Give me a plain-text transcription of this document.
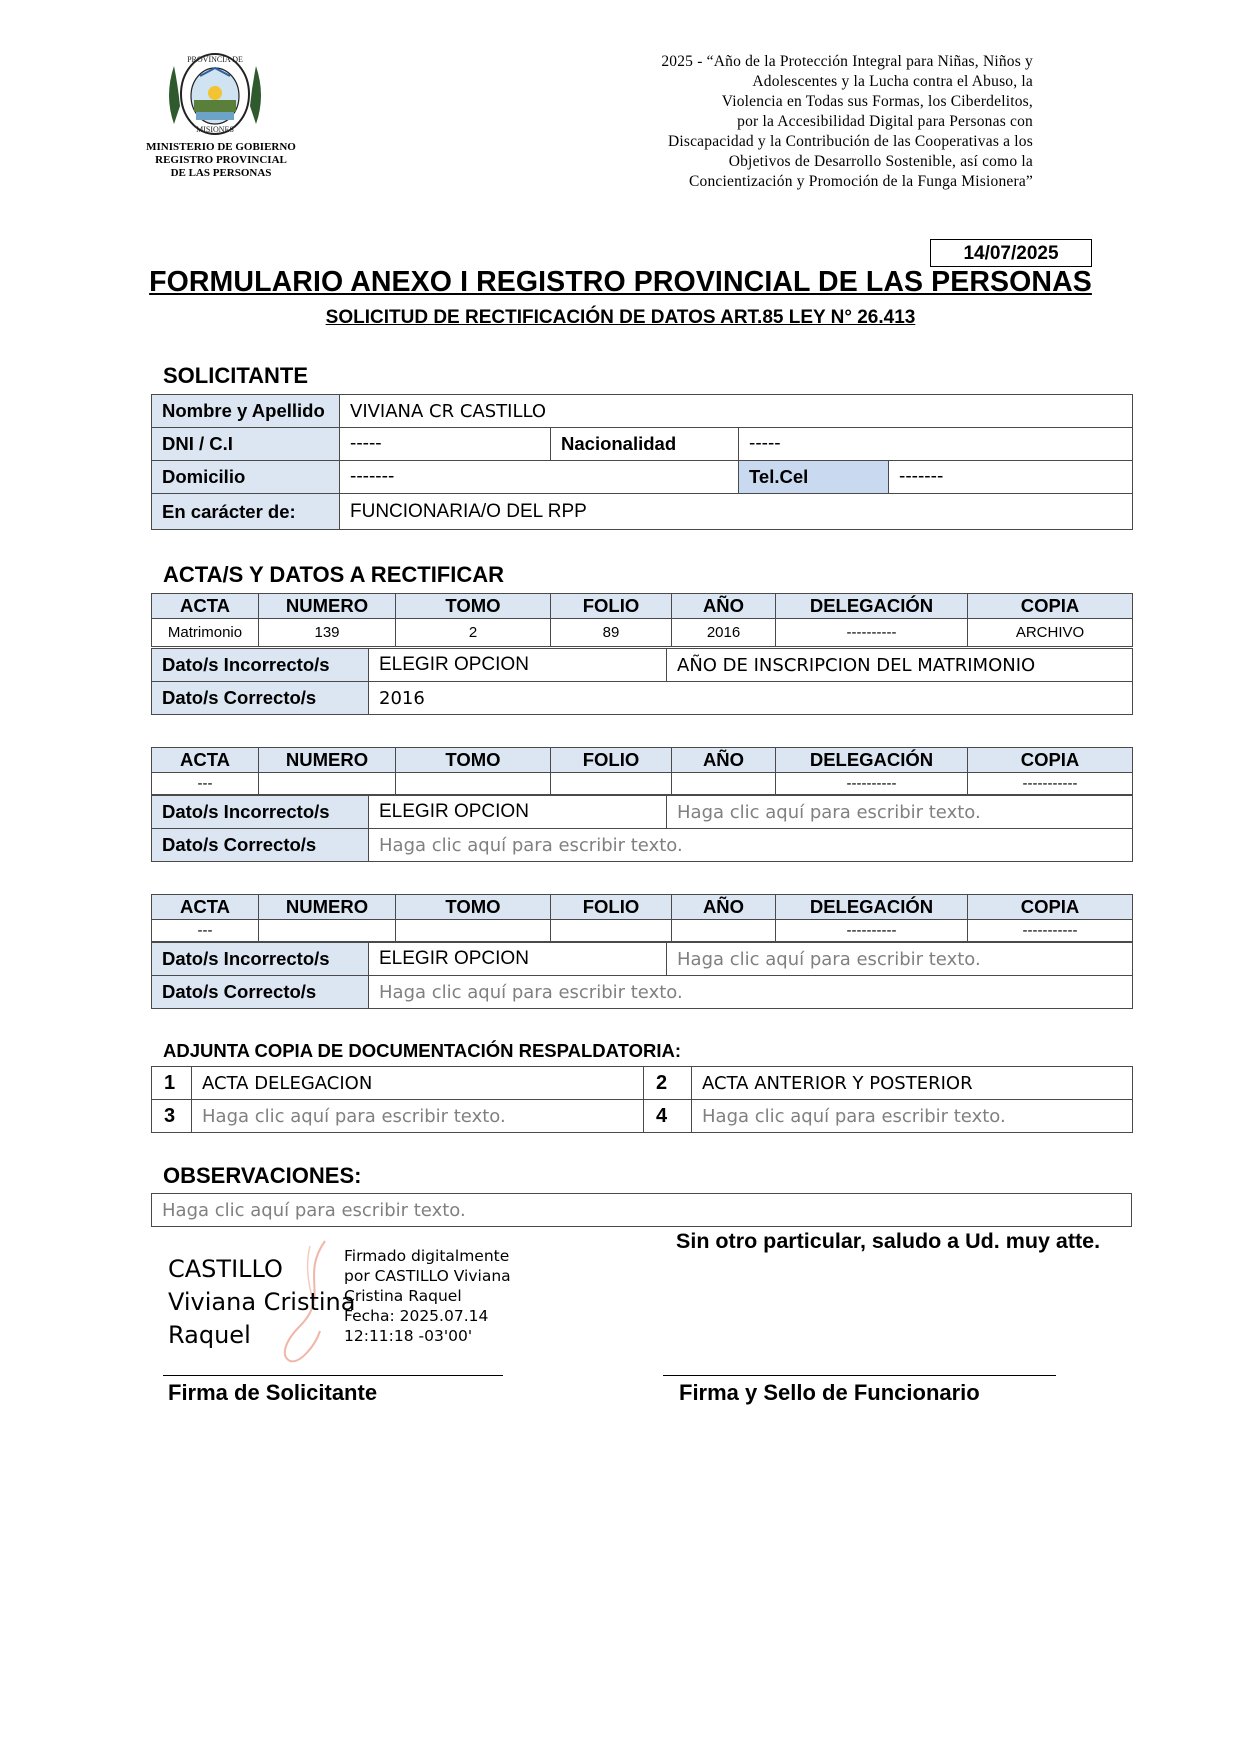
PROVINCIA DE
MISIONES
MINISTERIO DE GOBIERNO
REGISTRO PROVINCIAL
DE LAS PERSONAS
2025 - “Año de la Protección Integral para Niñas, Niños y
Adolescentes y la Lucha contra el Abuso, la
Violencia en Todas sus Formas, los Ciberdelitos,
por la Accesibilidad Digital para Personas con
Discapacidad y la Contribución de las Cooperativas a los
Objetivos de Desarrollo Sostenible, así como la
Concientización y Promoción de la Funga Misionera”
14/07/2025
FORMULARIO ANEXO I REGISTRO PROVINCIAL DE LAS PERSONAS
SOLICITUD DE RECTIFICACIÓN DE DATOS ART.85 LEY N° 26.413
SOLICITANTE
Nombre y Apellido	VIVIANA CR CASTILLO			
DNI / C.I	-----	Nacionalidad	-----	
Domicilio	-------		Tel.Cel	-------
En carácter de:	FUNCIONARIA/O DEL RPP			
ACTA/S Y DATOS A RECTIFICAR
ACTA	NUMERO	TOMO	FOLIO	AÑO	DELEGACIÓN	COPIA
Matrimonio	139	2	89	2016	----------	ARCHIVO
Dato/s Incorrecto/s	ELEGIR OPCION	AÑO DE INSCRIPCION DEL MATRIMONIO
Dato/s Correcto/s	2016	
ACTA	NUMERO	TOMO	FOLIO	AÑO	DELEGACIÓN	COPIA
---					----------	-----------
Dato/s Incorrecto/s	ELEGIR OPCION	Haga clic aquí para escribir texto.
Dato/s Correcto/s	Haga clic aquí para escribir texto.	
ACTA	NUMERO	TOMO	FOLIO	AÑO	DELEGACIÓN	COPIA
---					----------	-----------
Dato/s Incorrecto/s	ELEGIR OPCION	Haga clic aquí para escribir texto.
Dato/s Correcto/s	Haga clic aquí para escribir texto.	
ADJUNTA COPIA DE DOCUMENTACIÓN RESPALDATORIA:
1	ACTA DELEGACION	2	ACTA ANTERIOR Y POSTERIOR
3	Haga clic aquí para escribir texto.	4	Haga clic aquí para escribir texto.
OBSERVACIONES:
Haga clic aquí para escribir texto.
Sin otro particular, saludo a Ud. muy atte.
CASTILLO
Viviana Cristina
Raquel
Firmado digitalmente
por CASTILLO Viviana
Cristina Raquel
Fecha: 2025.07.14
12:11:18 -03'00'
Firma de Solicitante	Firma y Sello de Funcionario
